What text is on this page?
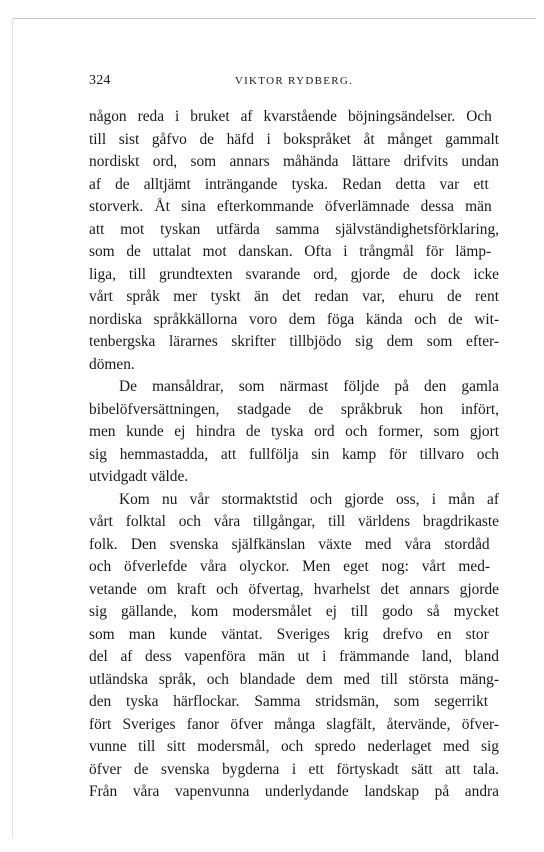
324	VIKTOR RYDBERG.
någon reda i bruket af kvarstående böjningsändelser. Och
till sist gåfvo de häfd i bokspråket åt månget gammalt
nordiskt ord, som annars måhända lättare drifvits undan
af de alltjämt inträngande tyska. Redan detta var ett
storverk. Åt sina efterkommande öfverlämnade dessa män
att mot tyskan utfärda samma självständighetsförklaring,
som de uttalat mot danskan. Ofta i trångmål för lämp-
liga, till grundtexten svarande ord, gjorde de dock icke
vårt språk mer tyskt än det redan var, ehuru de rent
nordiska språkkällorna voro dem föga kända och de wit-
tenbergska lärarnes skrifter tillbjödo sig dem som efter-
dömen.
De mansåldrar, som närmast följde på den gamla
bibelöfversättningen, stadgade de språkbruk hon infört,
men kunde ej hindra de tyska ord och former, som gjort
sig hemmastadda, att fullfölja sin kamp för tillvaro och
utvidgadt välde.
Kom nu vår stormaktstid och gjorde oss, i mån af
vårt folktal och våra tillgångar, till världens bragdrikaste
folk. Den svenska själfkänslan växte med våra stordåd
och öfverlefde våra olyckor. Men eget nog: vårt med-
vetande om kraft och öfvertag, hvarhelst det annars gjorde
sig gällande, kom modersmålet ej till godo så mycket
som man kunde väntat. Sveriges krig drefvo en stor
del af dess vapenföra män ut i främmande land, bland
utländska språk, och blandade dem med till största mäng-
den tyska härflockar. Samma stridsmän, som segerrikt
fört Sveriges fanor öfver många slagfält, återvände, öfver-
vunne till sitt modersmål, och spredo nederlaget med sig
öfver de svenska bygderna i ett förtyskadt sätt att tala.
Från våra vapenvunna underlydande landskap på andra
